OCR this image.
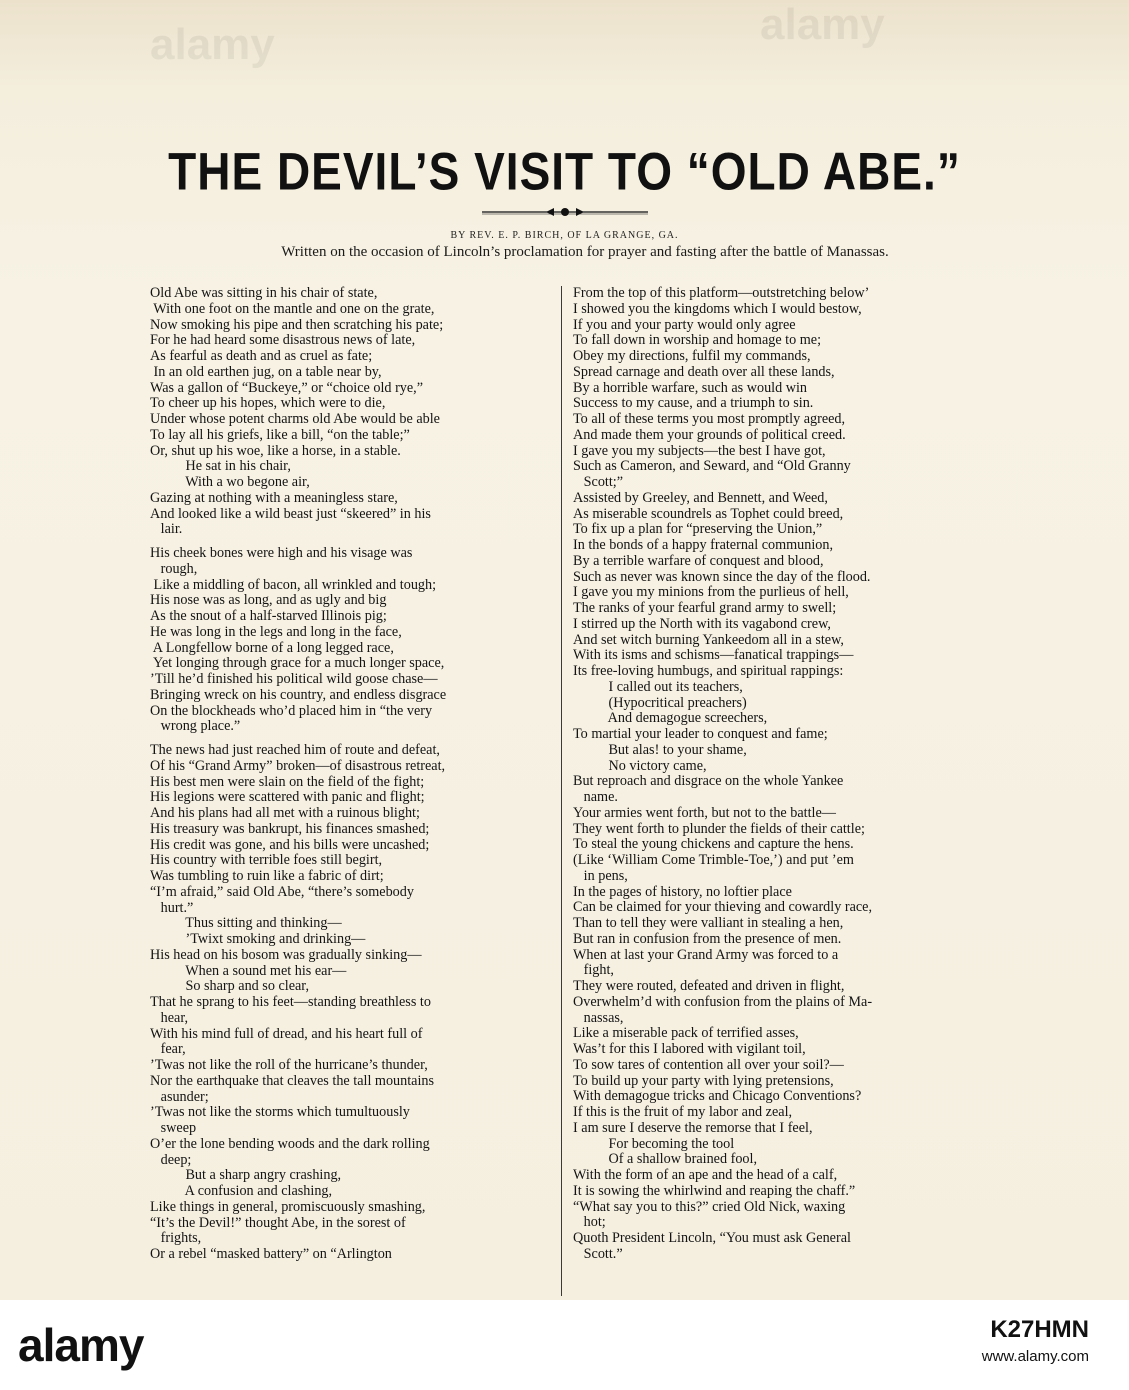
alamy	alamy
THE DEVIL’S VISIT TO “OLD ABE.”
BY REV. E. P. BIRCH, OF LA GRANGE, GA.
Written on the occasion of Lincoln’s proclamation for prayer and fasting after the battle of Manassas.
Old Abe was sitting in his chair of state,
With one foot on the mantle and one on the grate,
Now smoking his pipe and then scratching his pate;
For he had heard some disastrous news of late,
As fearful as death and as cruel as fate;
In an old earthen jug, on a table near by,
Was a gallon of “Buckeye,” or “choice old rye,”
To cheer up his hopes, which were to die,
Under whose potent charms old Abe would be able
To lay all his griefs, like a bill, “on the table;”
Or, shut up his woe, like a horse, in a stable.
He sat in his chair,
With a wo begone air,
Gazing at nothing with a meaningless stare,
And looked like a wild beast just “skeered” in his
lair.
His cheek bones were high and his visage was
rough,
Like a middling of bacon, all wrinkled and tough;
His nose was as long, and as ugly and big
As the snout of a half-starved Illinois pig;
He was long in the legs and long in the face,
A Longfellow borne of a long legged race,
Yet longing through grace for a much longer space,
’Till he’d finished his political wild goose chase—
Bringing wreck on his country, and endless disgrace
On the blockheads who’d placed him in “the very
wrong place.”
The news had just reached him of route and defeat,
Of his “Grand Army” broken—of disastrous retreat,
His best men were slain on the field of the fight;
His legions were scattered with panic and flight;
And his plans had all met with a ruinous blight;
His treasury was bankrupt, his finances smashed;
His credit was gone, and his bills were uncashed;
His country with terrible foes still begirt,
Was tumbling to ruin like a fabric of dirt;
“I’m afraid,” said Old Abe, “there’s somebody
hurt.”
Thus sitting and thinking—
’Twixt smoking and drinking—
His head on his bosom was gradually sinking—
When a sound met his ear—
So sharp and so clear,
That he sprang to his feet—standing breathless to
hear,
With his mind full of dread, and his heart full of
fear,
’Twas not like the roll of the hurricane’s thunder,
Nor the earthquake that cleaves the tall mountains
asunder;
’Twas not like the storms which tumultuously
sweep
O’er the lone bending woods and the dark rolling
deep;
But a sharp angry crashing,
A confusion and clashing,
Like things in general, promiscuously smashing,
“It’s the Devil!” thought Abe, in the sorest of
frights,
Or a rebel “masked battery” on “Arlington
From the top of this platform—outstretching below’
I showed you the kingdoms which I would bestow,
If you and your party would only agree
To fall down in worship and homage to me;
Obey my directions, fulfil my commands,
Spread carnage and death over all these lands,
By a horrible warfare, such as would win
Success to my cause, and a triumph to sin.
To all of these terms you most promptly agreed,
And made them your grounds of political creed.
I gave you my subjects—the best I have got,
Such as Cameron, and Seward, and “Old Granny
Scott;”
Assisted by Greeley, and Bennett, and Weed,
As miserable scoundrels as Tophet could breed,
To fix up a plan for “preserving the Union,”
In the bonds of a happy fraternal communion,
By a terrible warfare of conquest and blood,
Such as never was known since the day of the flood.
I gave you my minions from the purlieus of hell,
The ranks of your fearful grand army to swell;
I stirred up the North with its vagabond crew,
And set witch burning Yankeedom all in a stew,
With its isms and schisms—fanatical trappings—
Its free-loving humbugs, and spiritual rappings:
I called out its teachers,
(Hypocritical preachers)
And demagogue screechers,
To martial your leader to conquest and fame;
But alas! to your shame,
No victory came,
But reproach and disgrace on the whole Yankee
name.
Your armies went forth, but not to the battle—
They went forth to plunder the fields of their cattle;
To steal the young chickens and capture the hens.
(Like ‘William Come Trimble-Toe,’) and put ’em
in pens,
In the pages of history, no loftier place
Can be claimed for your thieving and cowardly race,
Than to tell they were valliant in stealing a hen,
But ran in confusion from the presence of men.
When at last your Grand Army was forced to a
fight,
They were routed, defeated and driven in flight,
Overwhelm’d with confusion from the plains of Ma-
nassas,
Like a miserable pack of terrified asses,
Was’t for this I labored with vigilant toil,
To sow tares of contention all over your soil?—
To build up your party with lying pretensions,
With demagogue tricks and Chicago Conventions?
If this is the fruit of my labor and zeal,
I am sure I deserve the remorse that I feel,
For becoming the tool
Of a shallow brained fool,
With the form of an ape and the head of a calf,
It is sowing the whirlwind and reaping the chaff.”
“What say you to this?” cried Old Nick, waxing
hot;
Quoth President Lincoln, “You must ask General
Scott.”
alamy	K27HMN
www.alamy.com
